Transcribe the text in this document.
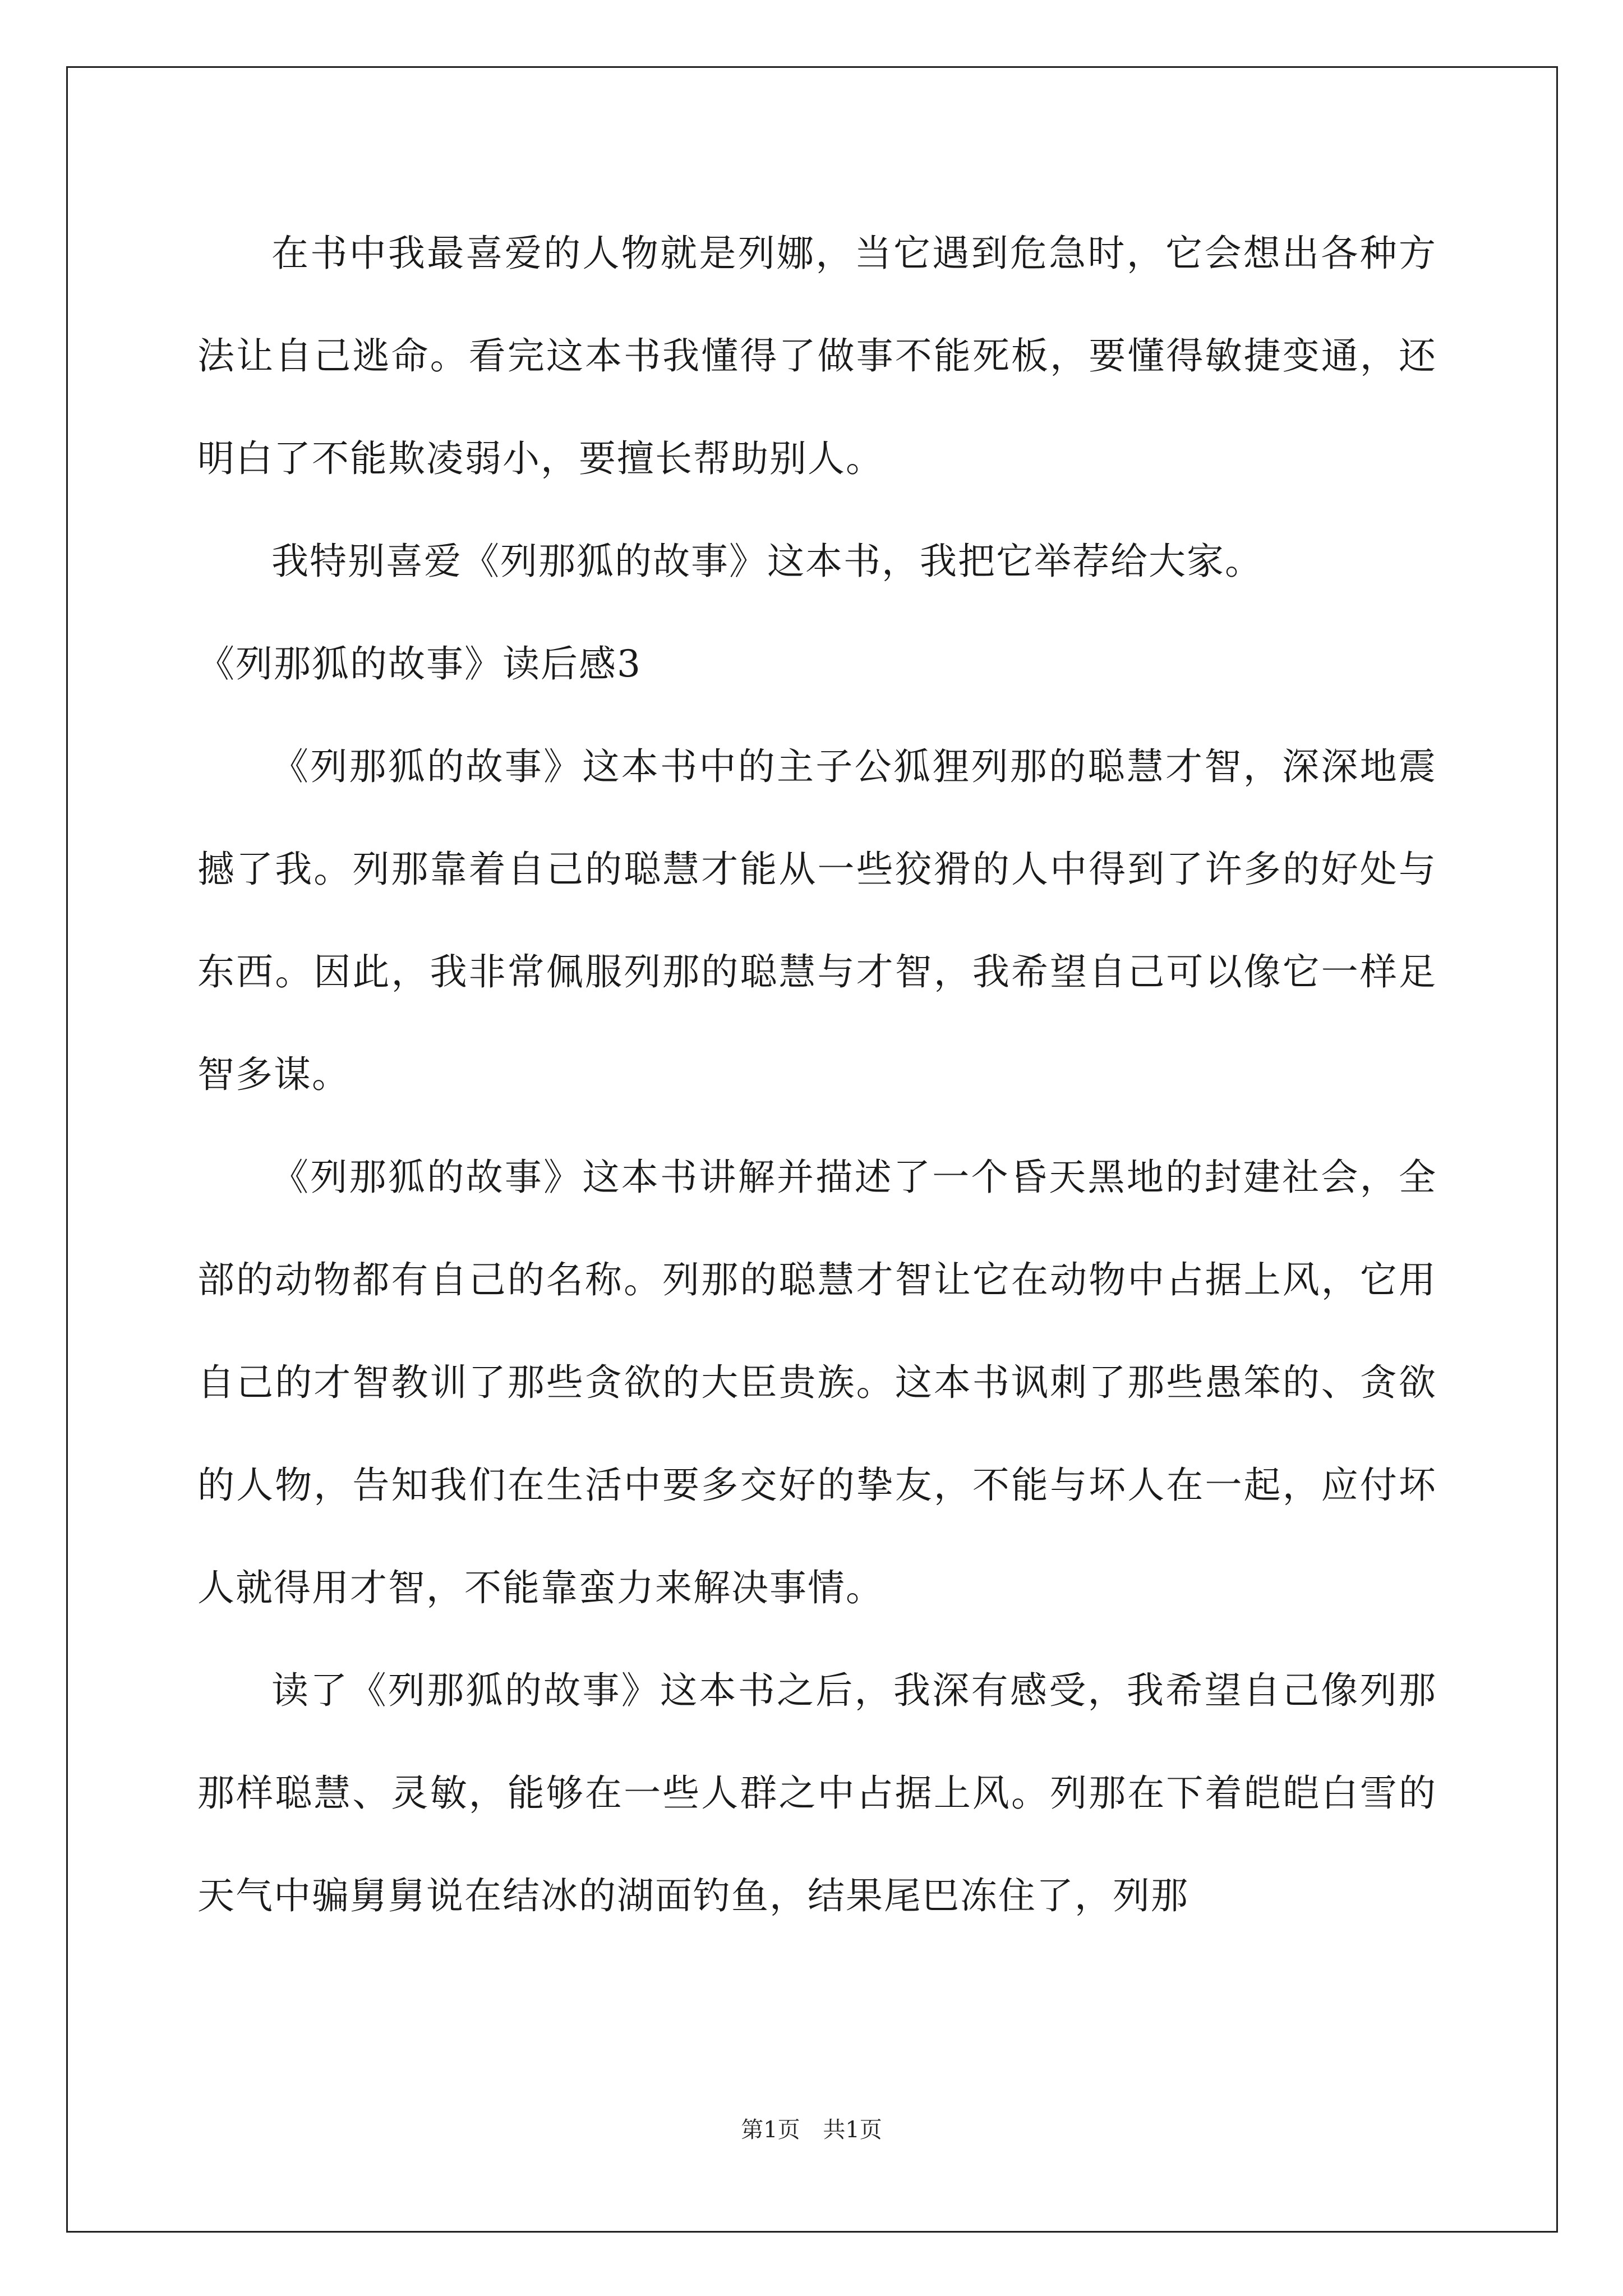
在书中我最喜爱的人物就是列娜，当它遇到危急时，它会想出各种方法让自己逃命。看完这本书我懂得了做事不能死板，要懂得敏捷变通，还明白了不能欺凌弱小，要擅长帮助别人。

我特别喜爱《列那狐的故事》这本书，我把它举荐给大家。

《列那狐的故事》读后感3

《列那狐的故事》这本书中的主子公狐狸列那的聪慧才智，深深地震撼了我。列那靠着自己的聪慧才能从一些狡猾的人中得到了许多的好处与东西。因此，我非常佩服列那的聪慧与才智，我希望自己可以像它一样足智多谋。

《列那狐的故事》这本书讲解并描述了一个昏天黑地的封建社会，全部的动物都有自己的名称。列那的聪慧才智让它在动物中占据上风，它用自己的才智教训了那些贪欲的大臣贵族。这本书讽刺了那些愚笨的、贪欲的人物，告知我们在生活中要多交好的挚友，不能与坏人在一起，应付坏人就得用才智，不能靠蛮力来解决事情。

读了《列那狐的故事》这本书之后，我深有感受，我希望自己像列那那样聪慧、灵敏，能够在一些人群之中占据上风。列那在下着皑皑白雪的天气中骗舅舅说在结冰的湖面钓鱼，结果尾巴冻住了，列那

第1页 共1页
